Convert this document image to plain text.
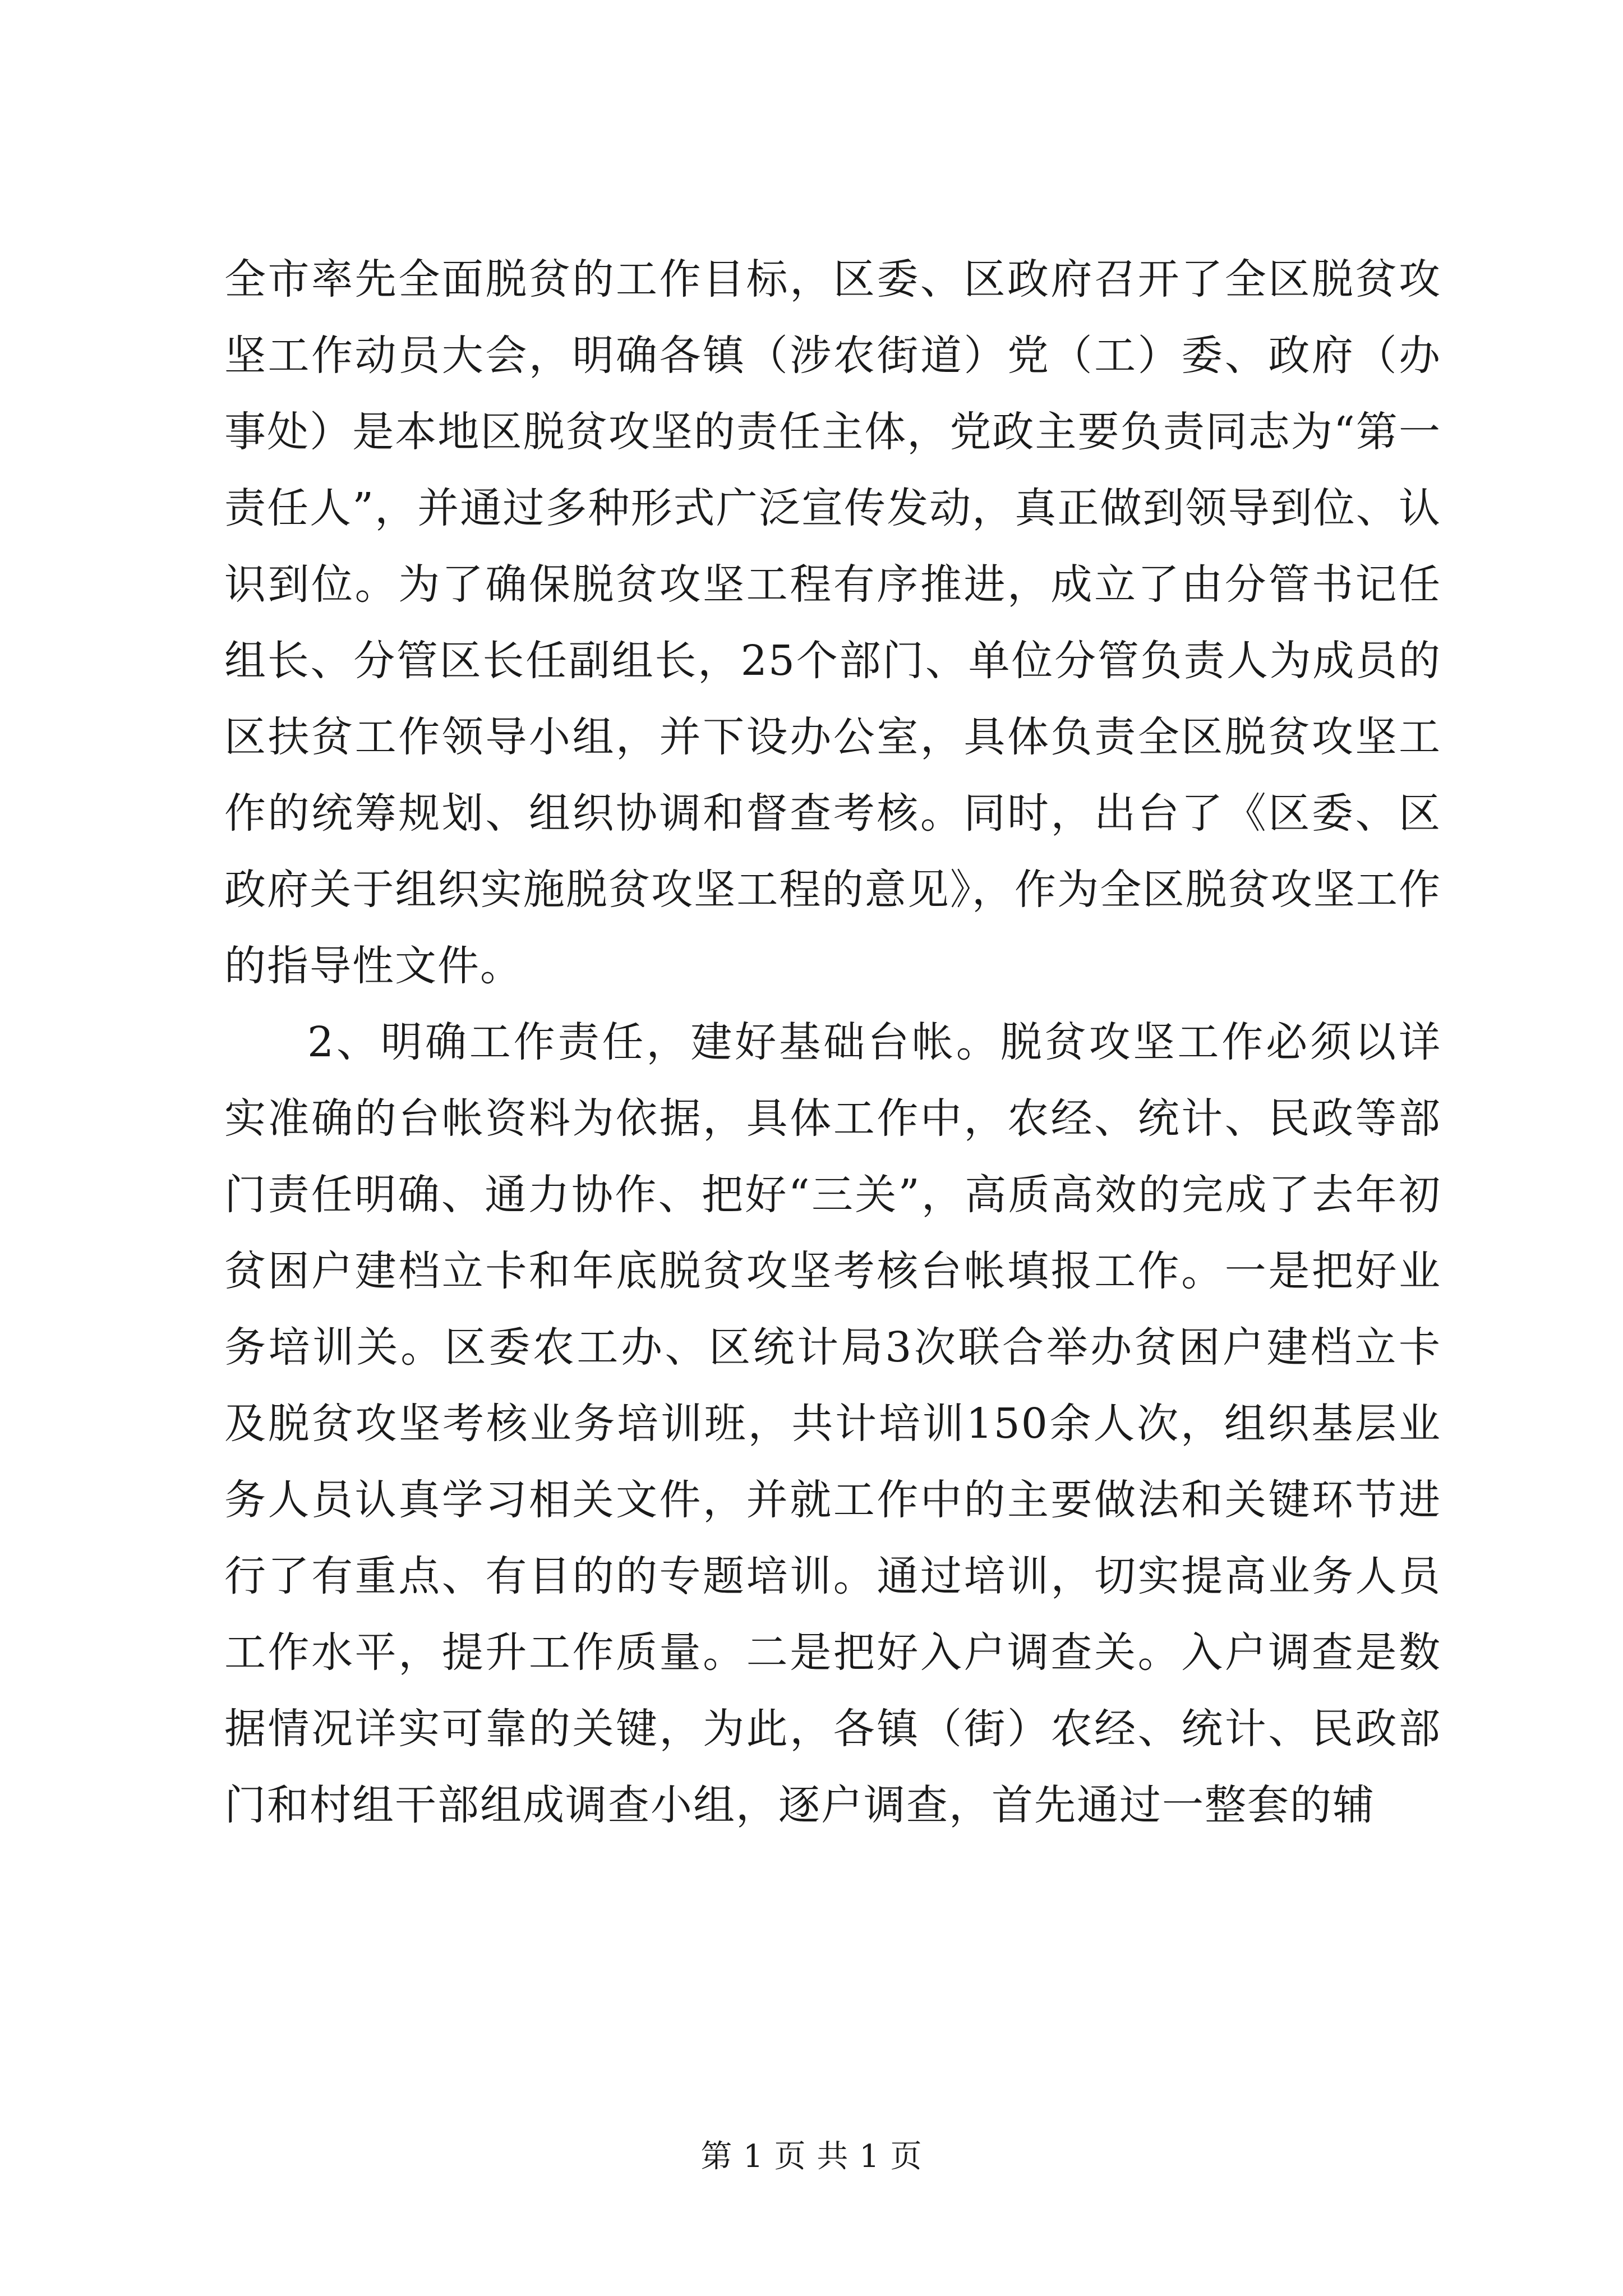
全市率先全面脱贫的工作目标，区委、区政府召开了全区脱贫攻坚工作动员大会，明确各镇（涉农街道）党（工）委、政府（办事处）是本地区脱贫攻坚的责任主体，党政主要负责同志为“第一责任人”，并通过多种形式广泛宣传发动，真正做到领导到位、认识到位。为了确保脱贫攻坚工程有序推进，成立了由分管书记任组长、分管区长任副组长，25个部门、单位分管负责人为成员的区扶贫工作领导小组，并下设办公室，具体负责全区脱贫攻坚工作的统筹规划、组织协调和督查考核。同时，出台了《区委、区政府关于组织实施脱贫攻坚工程的意见》，作为全区脱贫攻坚工作的指导性文件。

2、明确工作责任，建好基础台帐。脱贫攻坚工作必须以详实准确的台帐资料为依据，具体工作中，农经、统计、民政等部门责任明确、通力协作、把好“三关”，高质高效的完成了去年初贫困户建档立卡和年底脱贫攻坚考核台帐填报工作。一是把好业务培训关。区委农工办、区统计局3次联合举办贫困户建档立卡及脱贫攻坚考核业务培训班，共计培训150余人次，组织基层业务人员认真学习相关文件，并就工作中的主要做法和关键环节进行了有重点、有目的的专题培训。通过培训，切实提高业务人员工作水平，提升工作质量。二是把好入户调查关。入户调查是数据情况详实可靠的关键，为此，各镇（街）农经、统计、民政部门和村组干部组成调查小组，逐户调查，首先通过一整套的辅

第 1 页 共 1 页
